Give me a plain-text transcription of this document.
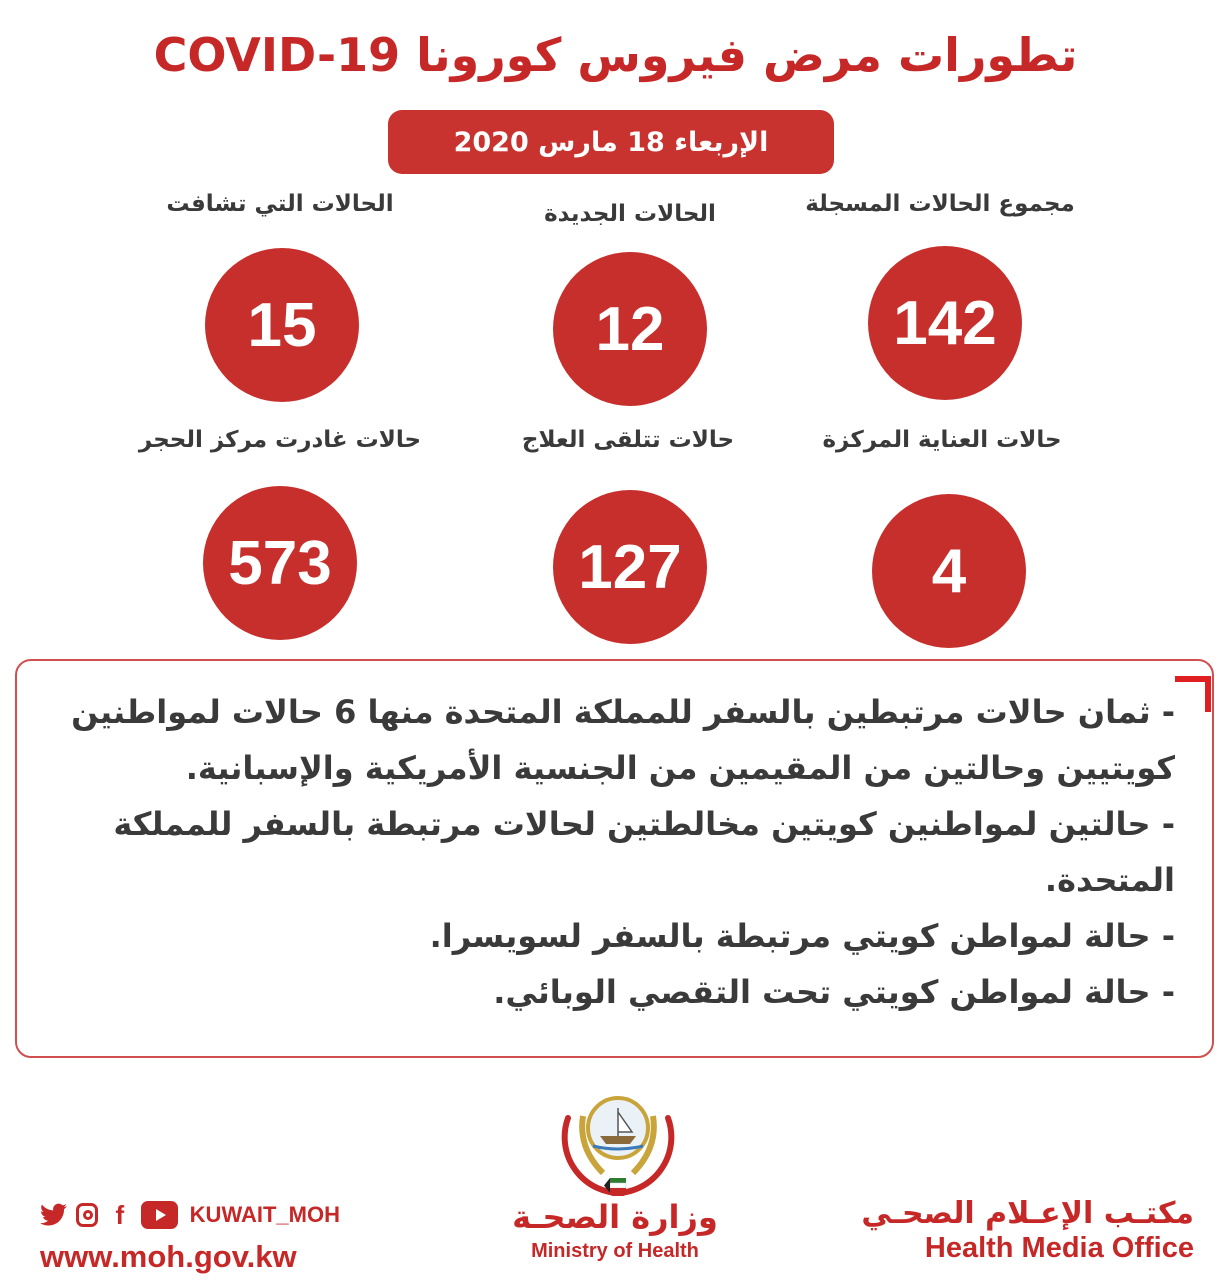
تطورات مرض فيروس كورونا COVID-19
الإربعاء 18 مارس 2020
مجموع الحالات المسجلة
142
الحالات الجديدة
12
الحالات التي تشافت
15
حالات العناية المركزة
4
حالات تتلقى العلاج
127
حالات غادرت مركز الحجر
573

- ثمان حالات مرتبطين بالسفر للمملكة المتحدة منها 6 حالات لمواطنين كويتيين وحالتين من المقيمين من الجنسية الأمريكية والإسبانية.

- حالتين لمواطنين كويتين مخالطتين لحالات مرتبطة بالسفر للمملكة المتحدة.

- حالة لمواطن كويتي مرتبطة بالسفر لسويسرا.

- حالة لمواطن كويتي تحت التقصي الوبائي.

f	KUWAIT_MOH
www.moh.gov.kw
وزارة الصحـة
Ministry of Health
مكتـب الإعـلام الصحـي
Health Media Office
